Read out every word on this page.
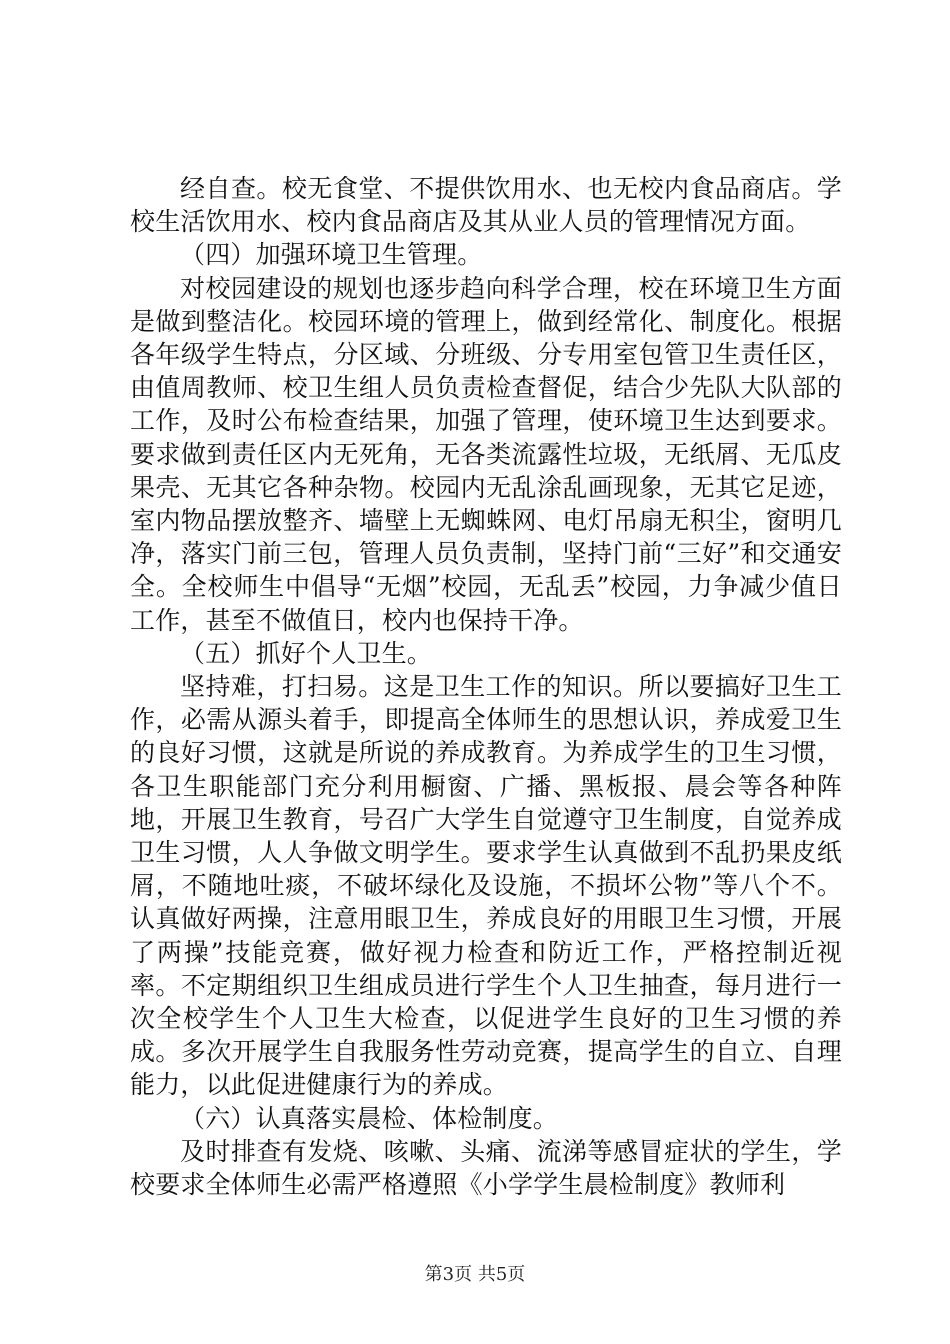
经自查。校无食堂、不提供饮用水、也无校内食品商店。学校生活饮用水、校内食品商店及其从业人员的管理情况方面。

（四）加强环境卫生管理。

对校园建设的规划也逐步趋向科学合理，校在环境卫生方面是做到整洁化。校园环境的管理上，做到经常化、制度化。根据各年级学生特点，分区域、分班级、分专用室包管卫生责任区，由值周教师、校卫生组人员负责检查督促，结合少先队大队部的工作，及时公布检查结果，加强了管理，使环境卫生达到要求。要求做到责任区内无死角，无各类流露性垃圾，无纸屑、无瓜皮果壳、无其它各种杂物。校园内无乱涂乱画现象，无其它足迹，室内物品摆放整齐、墙壁上无蜘蛛网、电灯吊扇无积尘，窗明几净，落实门前三包，管理人员负责制，坚持门前“三好”和交通安全。全校师生中倡导“无烟”校园，无乱丢”校园，力争减少值日工作，甚至不做值日，校内也保持干净。

（五）抓好个人卫生。

坚持难，打扫易。这是卫生工作的知识。所以要搞好卫生工作，必需从源头着手，即提高全体师生的思想认识，养成爱卫生的良好习惯，这就是所说的养成教育。为养成学生的卫生习惯，各卫生职能部门充分利用橱窗、广播、黑板报、晨会等各种阵地，开展卫生教育，号召广大学生自觉遵守卫生制度，自觉养成卫生习惯，人人争做文明学生。要求学生认真做到不乱扔果皮纸屑，不随地吐痰，不破坏绿化及设施，不损坏公物”等八个不。认真做好两操，注意用眼卫生，养成良好的用眼卫生习惯，开展了两操”技能竞赛，做好视力检查和防近工作，严格控制近视率。不定期组织卫生组成员进行学生个人卫生抽查，每月进行一次全校学生个人卫生大检查，以促进学生良好的卫生习惯的养成。多次开展学生自我服务性劳动竞赛，提高学生的自立、自理能力，以此促进健康行为的养成。

（六）认真落实晨检、体检制度。

及时排查有发烧、咳嗽、头痛、流涕等感冒症状的学生，学校要求全体师生必需严格遵照《小学学生晨检制度》教师利

第3页 共5页
